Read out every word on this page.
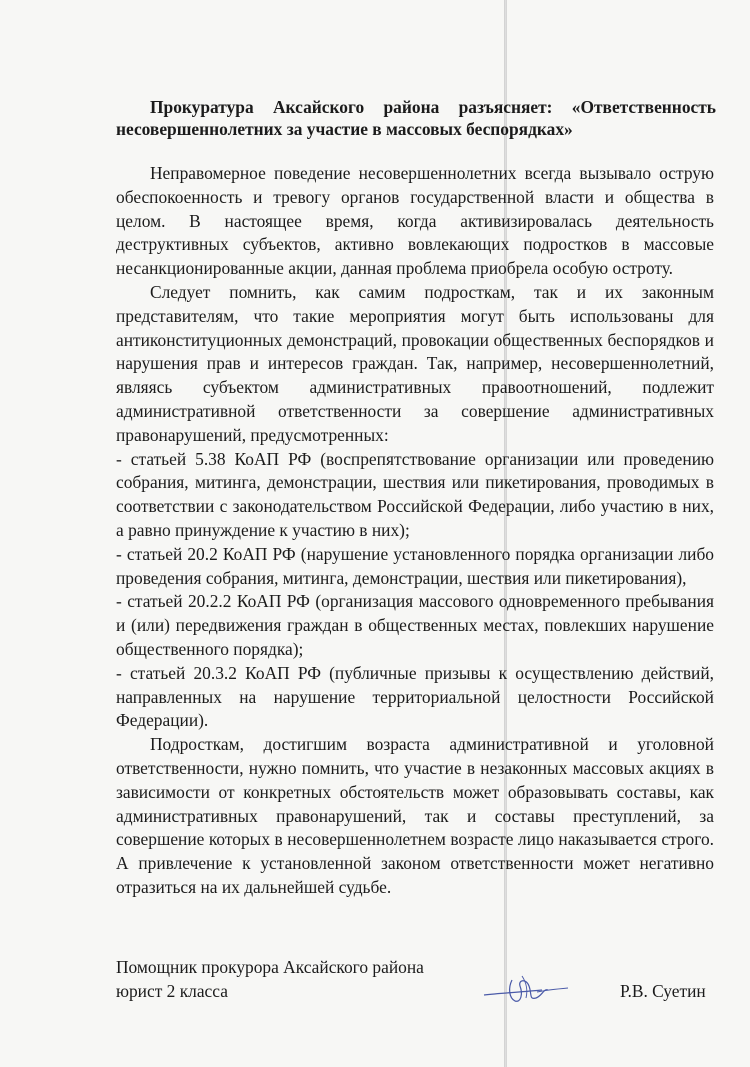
Прокуратура Аксайского района разъясняет: «Ответственность несовершеннолетних за участие в массовых беспорядках»

Неправомерное поведение несовершеннолетних всегда вызывало острую обеспокоенность и тревогу органов государственной власти и общества в целом. В настоящее время, когда активизировалась деятельность деструктивных субъектов, активно вовлекающих подростков в массовые несанкционированные акции, данная проблема приобрела особую остроту.

Следует помнить, как самим подросткам, так и их законным представителям, что такие мероприятия могут быть использованы для антиконституционных демонстраций, провокации общественных беспорядков и нарушения прав и интересов граждан. Так, например, несовершеннолетний, являясь субъектом административных правоотношений, подлежит административной ответственности за совершение административных правонарушений, предусмотренных:

- статьей 5.38 КоАП РФ (воспрепятствование организации или проведению собрания, митинга, демонстрации, шествия или пикетирования, проводимых в соответствии с законодательством Российской Федерации, либо участию в них, а равно принуждение к участию в них);

- статьей 20.2 КоАП РФ (нарушение установленного порядка организации либо проведения собрания, митинга, демонстрации, шествия или пикетирования),

- статьей 20.2.2 КоАП РФ (организация массового одновременного пребывания и (или) передвижения граждан в общественных местах, повлекших нарушение общественного порядка);

- статьей 20.3.2 КоАП РФ (публичные призывы к осуществлению действий, направленных на нарушение территориальной целостности Российской Федерации).

Подросткам, достигшим возраста административной и уголовной ответственности, нужно помнить, что участие в незаконных массовых акциях в зависимости от конкретных обстоятельств может образовывать составы, как административных правонарушений, так и составы преступлений, за совершение которых в несовершеннолетнем возрасте лицо наказывается строго. А привлечение к установленной законом ответственности может негативно отразиться на их дальнейшей судьбе.

Помощник прокурора Аксайского района
юрист 2 класса	Р.В. Суетин
